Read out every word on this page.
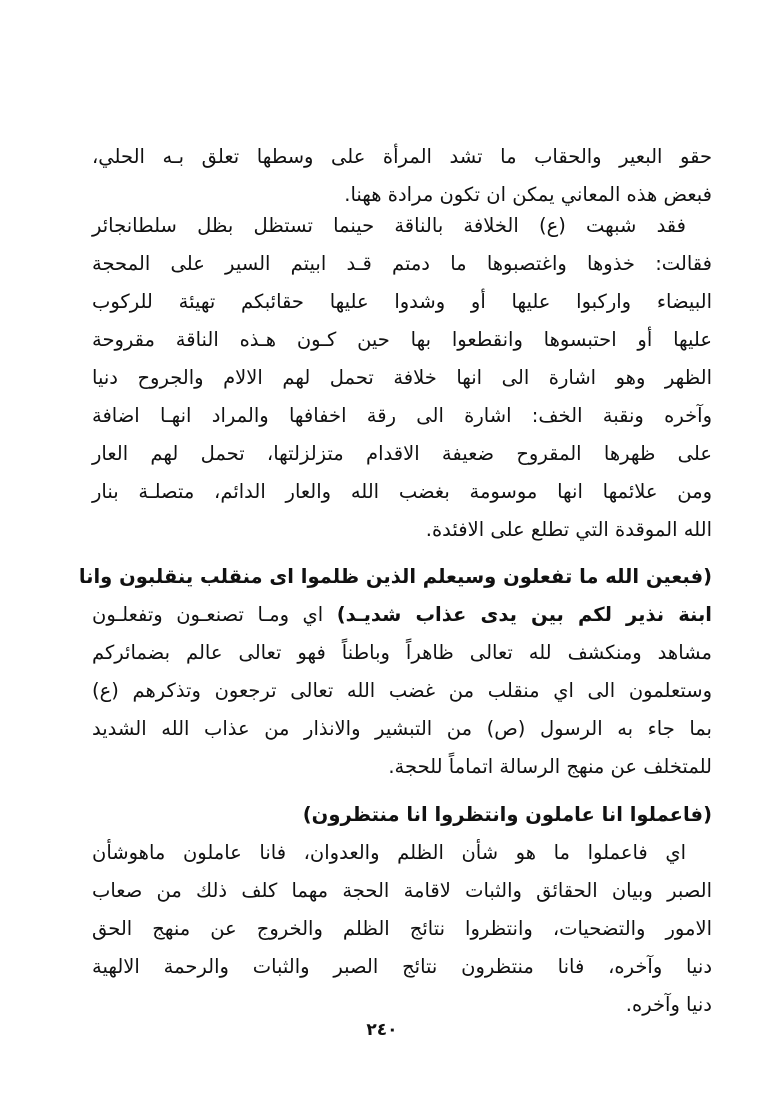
حقو البعير والحقاب ما تشد المرأة على وسطها تعلق بـه الحلي،
فبعض هذه المعاني يمكن ان تكون مرادة ههنا.
فقد شبهت (ع) الخلافة بالناقة حينما تستظل بظل سلطانجائر
فقالت: خذوها واغتصبوها ما دمتم قـد ابيتم السير على المحجة
البيضاء واركبوا عليها أو وشدوا عليها حقائبكم تهيئة للركوب
عليها أو احتبسوها وانقطعوا بها حين كـون هـذه الناقة مقروحة
الظهر وهو اشارة الى انها خلافة تحمل لهم الالام والجروح دنيا
وآخره ونقبة الخف: اشارة الى رقة اخفافها والمراد انهـا اضافة
على ظهرها المقروح ضعيفة الاقدام متزلزلتها، تحمل لهم العار
ومن علائمها انها موسومة بغضب الله والعار الدائم، متصلـة بنار
الله الموقدة التي تطلع على الافئدة.
(فبعين الله ما تفعلون وسيعلم الذين ظلموا اى منقلب ينقلبون وانا
ابنة نذير لكم بين يدى عذاب شديـد) اي ومـا تصنعـون وتفعلـون
مشاهد ومنكشف لله تعالى ظاهراً وباطناً فهو تعالى عالم بضمائركم
وستعلمون الى اي منقلب من غضب الله تعالى ترجعون وتذكرهم (ع)
بما جاء به الرسول (ص) من التبشير والانذار من عذاب الله الشديد
للمتخلف عن منهج الرسالة اتماماً للحجة.
(فاعملوا انا عاملون وانتظروا انا منتظرون)
اي فاعملوا ما هو شأن الظلم والعدوان، فانا عاملون ماهوشأن
الصبر وبيان الحقائق والثبات لاقامة الحجة مهما كلف ذلك من صعاب
الامور والتضحيات، وانتظروا نتائج الظلم والخروج عن منهج الحق
دنيا وآخره، فانا منتظرون نتائج الصبر والثبات والرحمة الالهية
دنيا وآخره.
٢٤٠
